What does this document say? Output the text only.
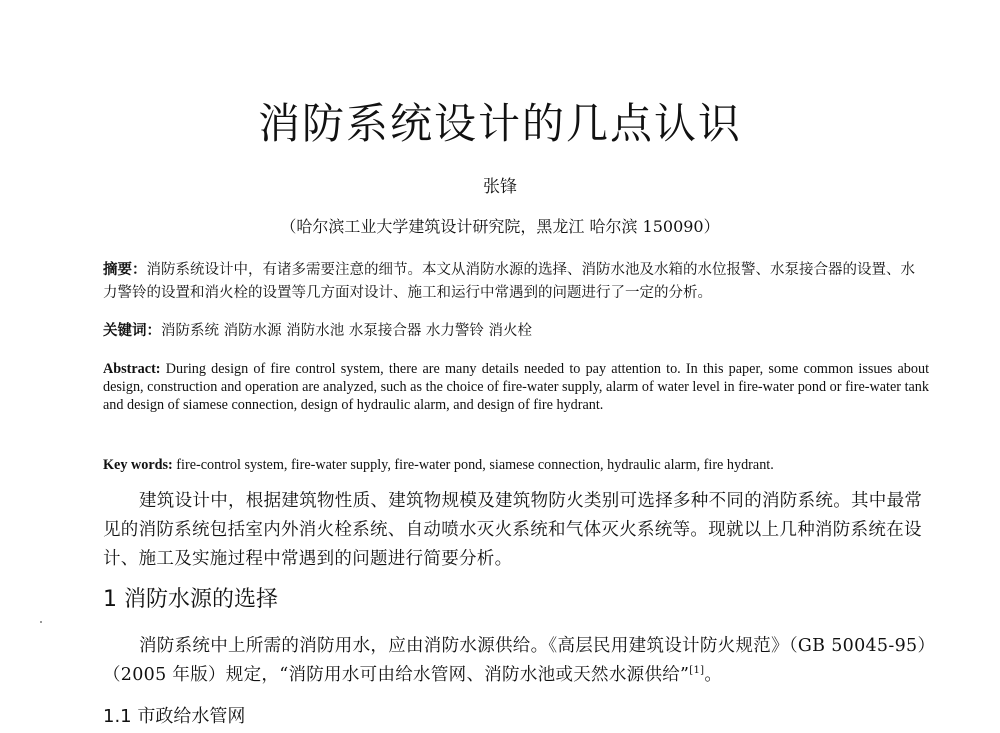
消防系统设计的几点认识
张锋
（哈尔滨工业大学建筑设计研究院，黑龙江 哈尔滨 150090）
摘要：消防系统设计中，有诸多需要注意的细节。本文从消防水源的选择、消防水池及水箱的水位报警、水泵接合器的设置、水力警铃的设置和消火栓的设置等几方面对设计、施工和运行中常遇到的问题进行了一定的分析。
关键词：消防系统 消防水源 消防水池 水泵接合器 水力警铃 消火栓
Abstract: During design of fire control system, there are many details needed to pay attention to. In this paper, some common issues about design, construction and operation are analyzed, such as the choice of fire-water supply, alarm of water level in fire-water pond or fire-water tank and design of siamese connection, design of hydraulic alarm, and design of fire hydrant.
Key words: fire-control system, fire-water supply, fire-water pond, siamese connection, hydraulic alarm, fire hydrant.
建筑设计中，根据建筑物性质、建筑物规模及建筑物防火类别可选择多种不同的消防系统。其中最常见的消防系统包括室内外消火栓系统、自动喷水灭火系统和气体灭火系统等。现就以上几种消防系统在设计、施工及实施过程中常遇到的问题进行简要分析。
1 消防水源的选择
消防系统中上所需的消防用水，应由消防水源供给。《高层民用建筑设计防火规范》（GB 50045-95）（2005 年版）规定，“消防用水可由给水管网、消防水池或天然水源供给”[1]。
1.1 市政给水管网
